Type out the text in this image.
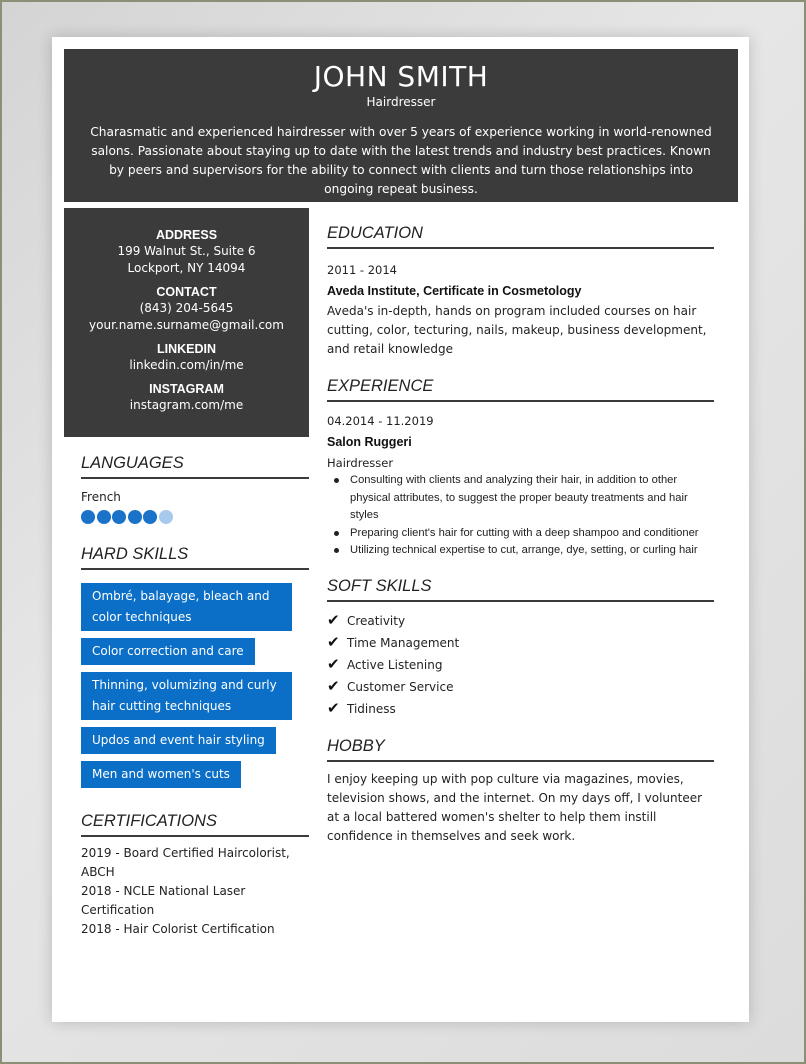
JOHN SMITH
Hairdresser
Charasmatic and experienced hairdresser with over 5 years of experience working in world-renowned salons. Passionate about staying up to date with the latest trends and industry best practices. Known by peers and supervisors for the ability to connect with clients and turn those relationships into ongoing repeat business.
ADDRESS
199 Walnut St., Suite 6
Lockport, NY 14094
CONTACT
(843) 204-5645
your.name.surname@gmail.com
LINKEDIN
linkedin.com/in/me
INSTAGRAM
instagram.com/me
LANGUAGES
French
HARD SKILLS
Ombré, balayage, bleach and color techniques
Color correction and care
Thinning, volumizing and curly hair cutting techniques
Updos and event hair styling
Men and women's cuts
CERTIFICATIONS
2019 - Board Certified Haircolorist, ABCH
2018 - NCLE National Laser Certification
2018 - Hair Colorist Certification
EDUCATION
2011 - 2014
Aveda Institute, Certificate in Cosmetology
Aveda's in-depth, hands on program included courses on hair cutting, color, tecturing, nails, makeup, business development, and retail knowledge
EXPERIENCE
04.2014 - 11.2019
Salon Ruggeri
Hairdresser
Consulting with clients and analyzing their hair, in addition to other physical attributes, to suggest the proper beauty treatments and hair styles
Preparing client's hair for cutting with a deep shampoo and conditioner
Utilizing technical expertise to cut, arrange, dye, setting, or curling hair
SOFT SKILLS
✔ Creativity
✔ Time Management
✔ Active Listening
✔ Customer Service
✔ Tidiness
HOBBY
I enjoy keeping up with pop culture via magazines, movies, television shows, and the internet. On my days off, I volunteer at a local battered women's shelter to help them instill confidence in themselves and seek work.
